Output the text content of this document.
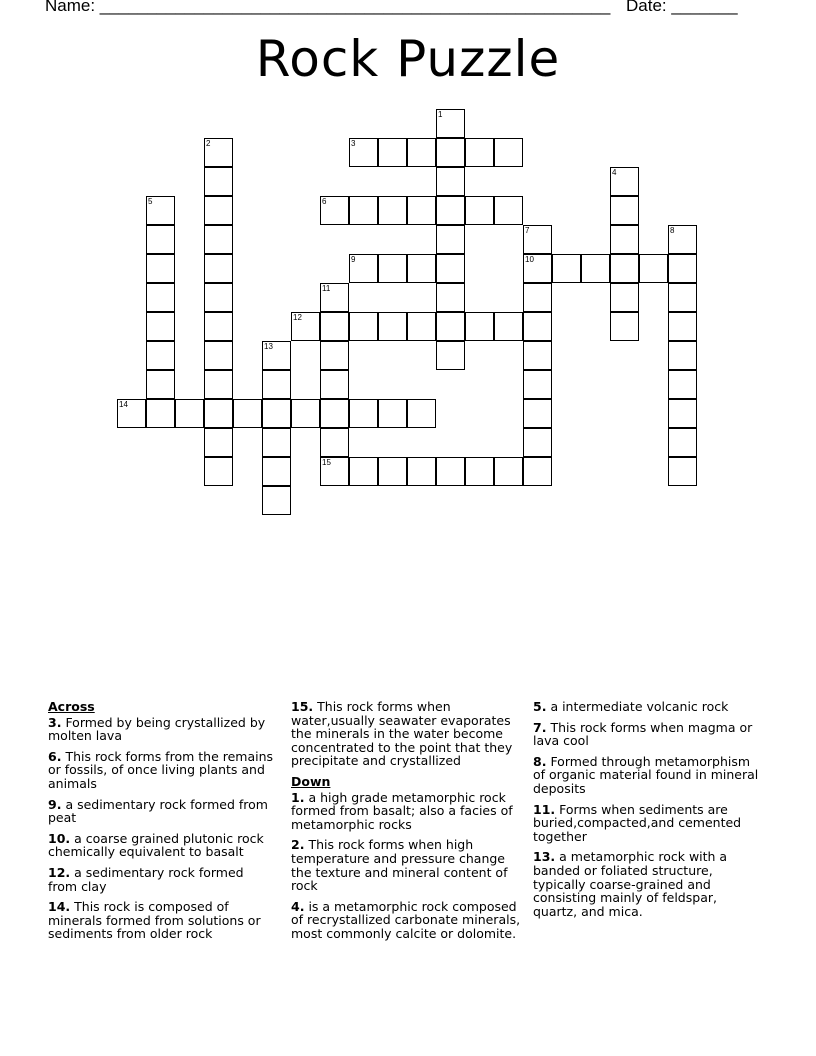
Name: ______________________________________________________ Date: _______
Rock Puzzle
1
2	3
4
5	6
7
10
8
9
11
15
12
13
14
Across
3. Formed by being crystallized by molten lava
6. This rock forms from the remains or fossils, of once living plants and animals
9. a sedimentary rock formed from peat
10. a coarse grained plutonic rock chemically equivalent to basalt
12. a sedimentary rock formed from clay
14. This rock is composed of minerals formed from solutions or sediments from older rock
15. This rock forms when water,usually seawater evaporates the minerals in the water become concentrated to the point that they precipitate and crystallized
Down
1. a high grade metamorphic rock formed from basalt; also a facies of metamorphic rocks
2. This rock forms when high temperature and pressure change the texture and mineral content of rock
4. is a metamorphic rock composed of recrystallized carbonate minerals, most commonly calcite or dolomite.
5. a intermediate volcanic rock
7. This rock forms when magma or lava cool
8. Formed through metamorphism of organic material found in mineral deposits
11. Forms when sediments are buried,compacted,and cemented together
13. a metamorphic rock with a banded or foliated structure, typically coarse-grained and consisting mainly of feldspar, quartz, and mica.
